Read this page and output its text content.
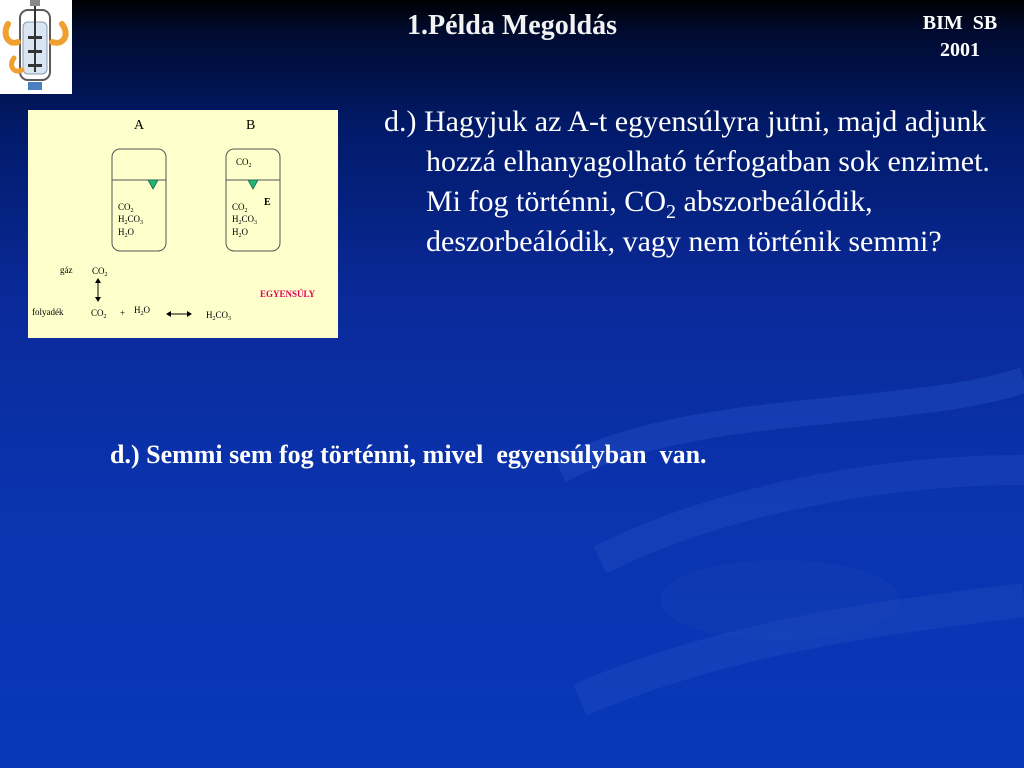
1.Példa Megoldás	BIM  SB
2001
A	B
$CO_2$
$H_2CO_3$
$H_2O$
$CO_2$
E
$CO_2$
$H_2CO_3$
$H_2O$
gáz $CO_2$
EGYENSÚLY
folyadék	$CO_2 + H_2O$	$H_2CO_3$
d.) Hagyjuk az A-t egyensúlyra jutni, majd adjunk hozzá elhanyagolható térfogatban sok enzimet. Mi fog történni, $CO_2$ abszorbeálódik, deszorbeálódik, vagy nem történik semmi?
d.) Semmi sem fog történni, mivel  egyensúlyban  van.
